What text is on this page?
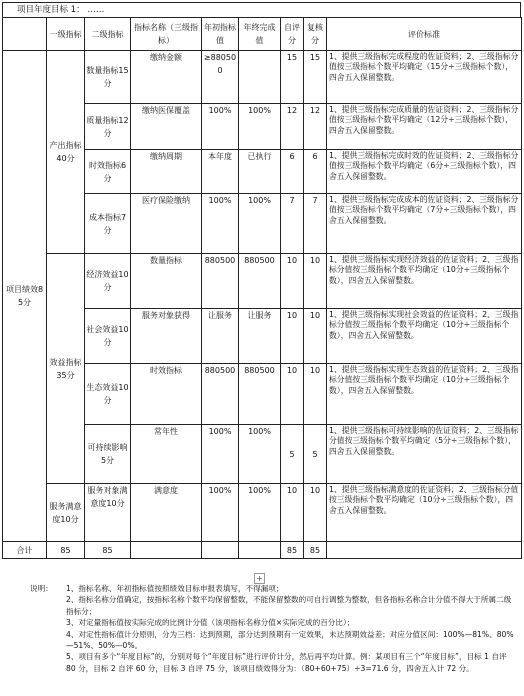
项目年度目标 1： ……
	一级指标	二级指标	指标名称（三级指标）	年初指标值	年终完成值	自评分	复核分	评价标准
项目绩效85分	产出指标40分	数量指标15分	缴纳金额	≥880500		15	15	1、提供三级指标完成程度的佐证资料；2、三级指标分值按三级指标个数平均确定（15分÷三级指标个数），四舍五入保留整数。
		质量指标12分	缴纳医保覆盖	100%	100%	12	12	1、提供三级指标完成质量的佐证资料；2、三级指标分值按三级指标个数平均确定（12分÷三级指标个数），四舍五入保留整数。
		时效指标6分	缴纳周期	本年度	已执行	6	6	1、提供三级指标完成时效的佐证资料；2、三级指标分值按三级指标个数平均确定（6分÷三级指标个数），四舍五入保留整数。
		成本指标7分	医疗保险缴纳	100%	100%	7	7	1、提供三级指标完成成本的佐证资料；2、三级指标分值按三级指标个数平均确定（7分÷三级指标个数），四舍五入保留整数。
	效益指标35分	经济效益10分	数量指标	880500	880500	10	10	1、提供三级指标实现经济效益的佐证资料；2、三级指标分值按三级指标个数平均确定（10分÷三级指标个数），四舍五入保留整数。
		社会效益10分	服务对象获得	让服务	让服务	10	10	1、提供三级指标实现社会效益的佐证资料；2、三级指标分值按三级指标个数平均确定（10分÷三级指标个数），四舍五入保留整数。
		生态效益10分	时效指标	880500	880500	10	10	1、提供三级指标实现生态效益的佐证资料；2、三级指标分值按三级指标个数平均确定（10分÷三级指标个数），四舍五入保留整数。
		可持续影响5分	常年性	100%	100%	5	5	1、提供三级指标可持续影响的佐证资料；2、三级指标分值按三级指标个数平均确定（5分÷三级指标个数），四舍五入保留整数。
	服务满意度10分	服务对象满意度10分	满意度	100%	100%	10	10	1、提供三级指标满意度的佐证资料；2、三级指标分值按三级指标个数平均确定（10分÷三级指标个数），四舍五入保留整数。
合计	85	85				85	85	
+
说明：	1、指标名称、年初指标值按照绩效目标申报表填写，不得漏项；
2、指标名称分值确定，按指标名称个数平均保留整数，不能保留整数的可自行调整为整数，但各指标名称合计分值不得大于所属二级指标分；
3、对定量指标值按实际完成的比例计分值（该项指标名称分值×实际完成的百分比）；
4、对定性指标值计分原则，分为三档：达到预期，部分达到预期有一定效果，未达预期效益差；对应分值区间：100%—81%、80%—51%、50%—0%。
5、项目有多个“年度目标”的，分别对每个“年度目标”进行评价计分，然后再平均计算。例：某项目有三个“年度目标”，目标 1 自评 80 分，目标 2 自评 60 分，目标 3 自评 75 分，该项目绩效得分为：（80+60+75）÷3=71.6 分，四舍五入计 72 分。
